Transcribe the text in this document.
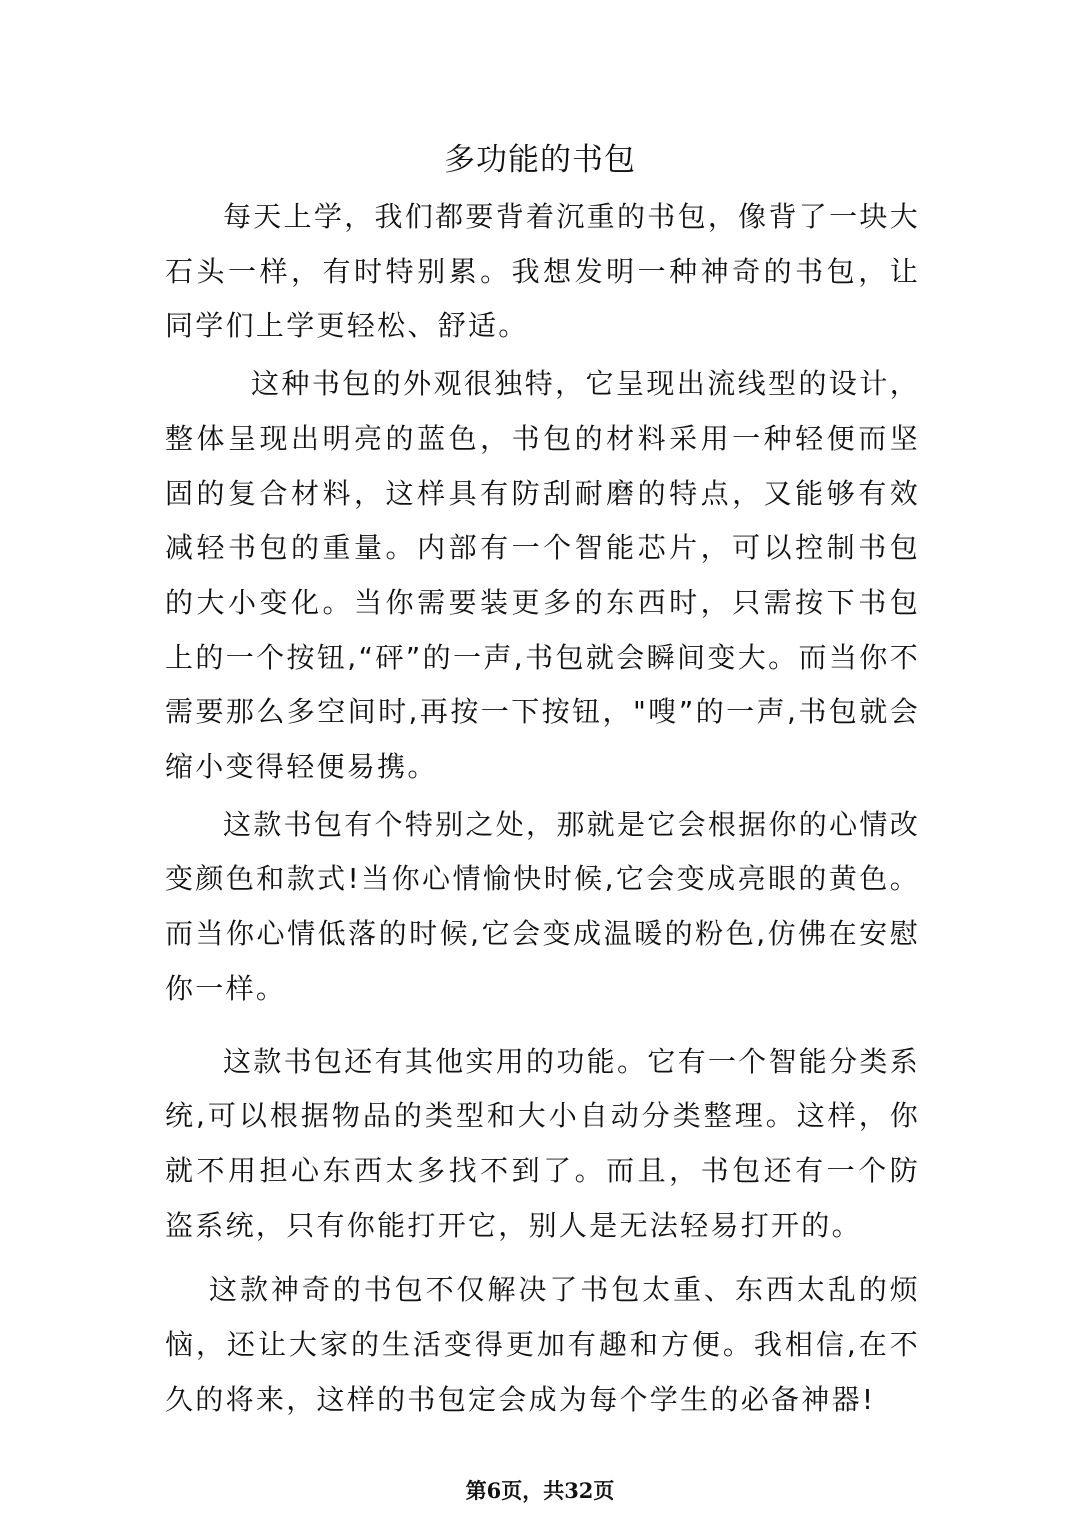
多功能的书包

每天上学，我们都要背着沉重的书包，像背了一块大石头一样，有时特别累。我想发明一种神奇的书包，让同学们上学更轻松、舒适。

这种书包的外观很独特，它呈现出流线型的设计，整体呈现出明亮的蓝色，书包的材料采用一种轻便而坚固的复合材料，这样具有防刮耐磨的特点，又能够有效减轻书包的重量。内部有一个智能芯片，可以控制书包的大小变化。当你需要装更多的东西时，只需按下书包上的一个按钮,“砰”的一声,书包就会瞬间变大。而当你不需要那么多空间时,再按一下按钮，"嗖”的一声,书包就会缩小变得轻便易携。

这款书包有个特别之处，那就是它会根据你的心情改变颜色和款式!当你心情愉快时候,它会变成亮眼的黄色。而当你心情低落的时候,它会变成温暖的粉色,仿佛在安慰你一样。

这款书包还有其他实用的功能。它有一个智能分类系统,可以根据物品的类型和大小自动分类整理。这样，你就不用担心东西太多找不到了。而且，书包还有一个防盗系统，只有你能打开它，别人是无法轻易打开的。

这款神奇的书包不仅解决了书包太重、东西太乱的烦恼，还让大家的生活变得更加有趣和方便。我相信,在不久的将来，这样的书包定会成为每个学生的必备神器!

第6页，共32页
